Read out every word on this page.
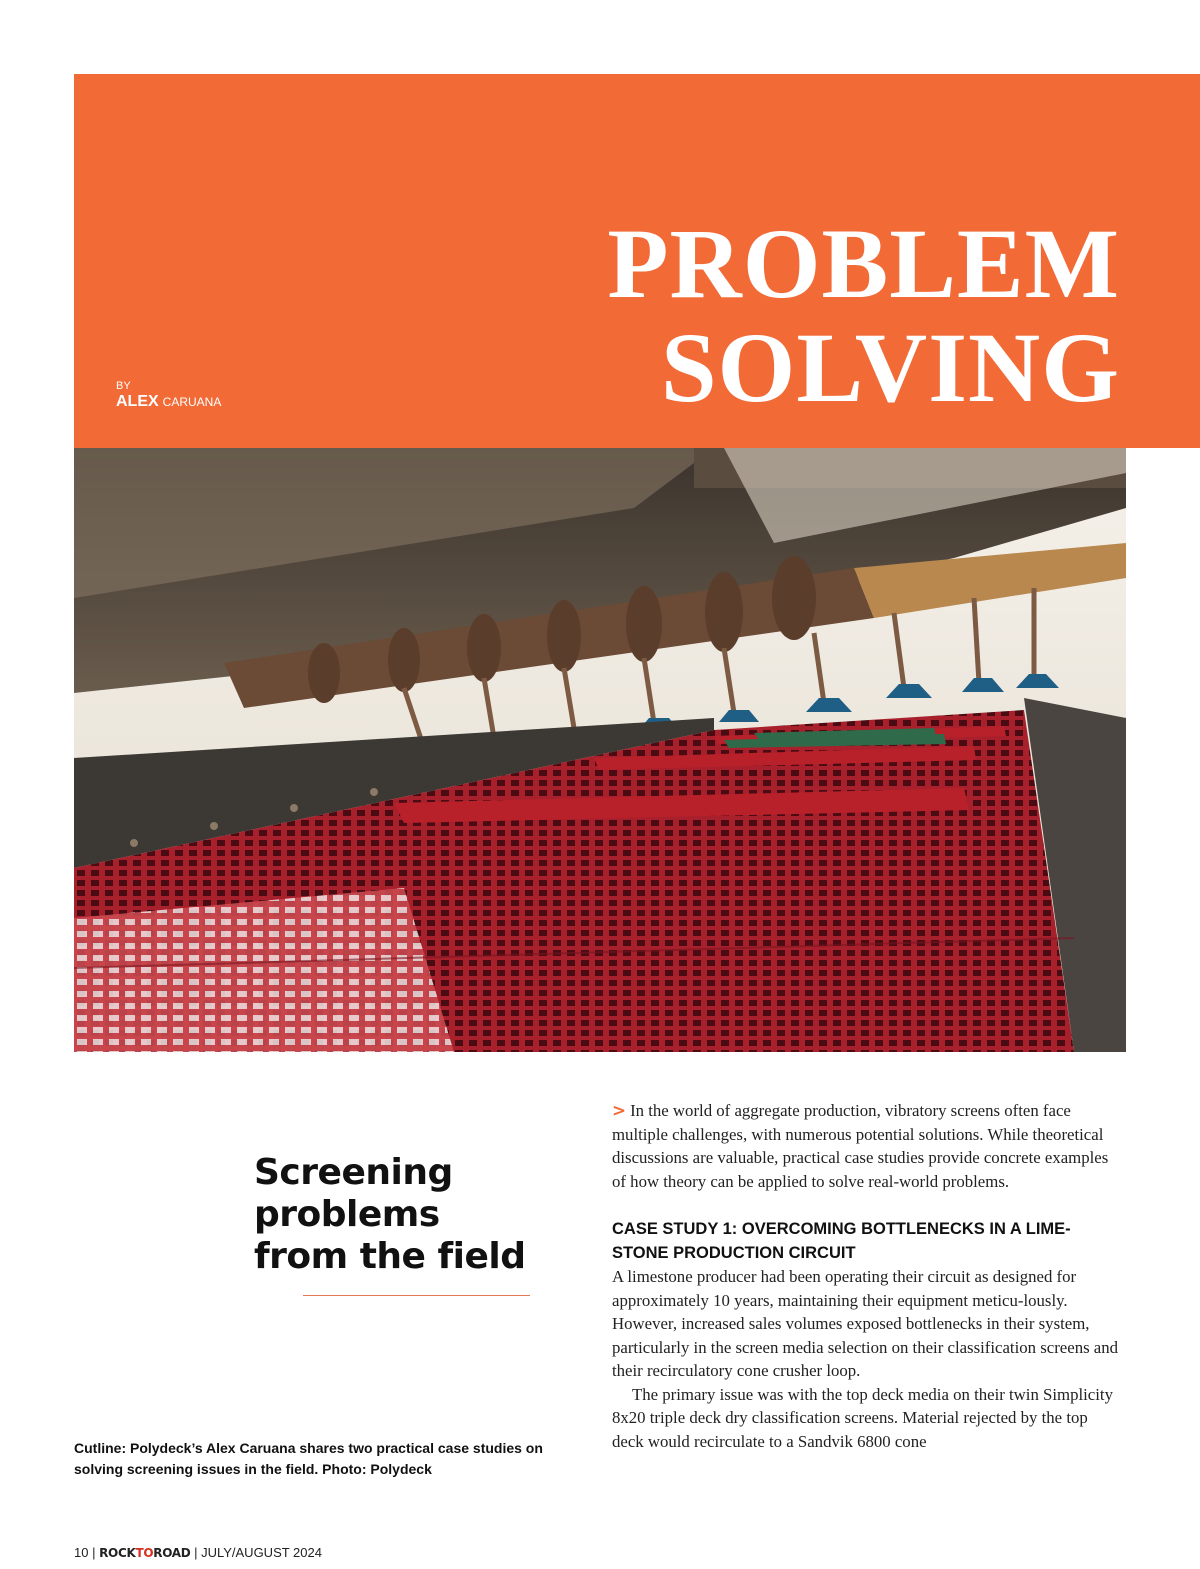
PROBLEM
SOLVING
BY
ALEX CARUANA
Screening
problems
from the field

Cutline: Polydeck’s Alex Caruana shares two practical case studies on solving screening issues in the field. Photo: Polydeck

> In the world of aggregate production, vibratory screens often face multiple challenges, with numerous potential solutions. While theoretical discussions are valuable, practical case studies provide concrete examples of how theory can be applied to solve real-world problems.

CASE STUDY 1: OVERCOMING BOTTLENECKS IN A LIME-STONE PRODUCTION CIRCUIT

A limestone producer had been operating their circuit as designed for approximately 10 years, maintaining their equipment meticu-lously. However, increased sales volumes exposed bottlenecks in their system, particularly in the screen media selection on their classification screens and their recirculatory cone crusher loop.

The primary issue was with the top deck media on their twin Simplicity 8x20 triple deck dry classification screens. Material rejected by the top deck would recirculate to a Sandvik 6800 cone

10 | ROCKTOROAD | JULY/AUGUST 2024
